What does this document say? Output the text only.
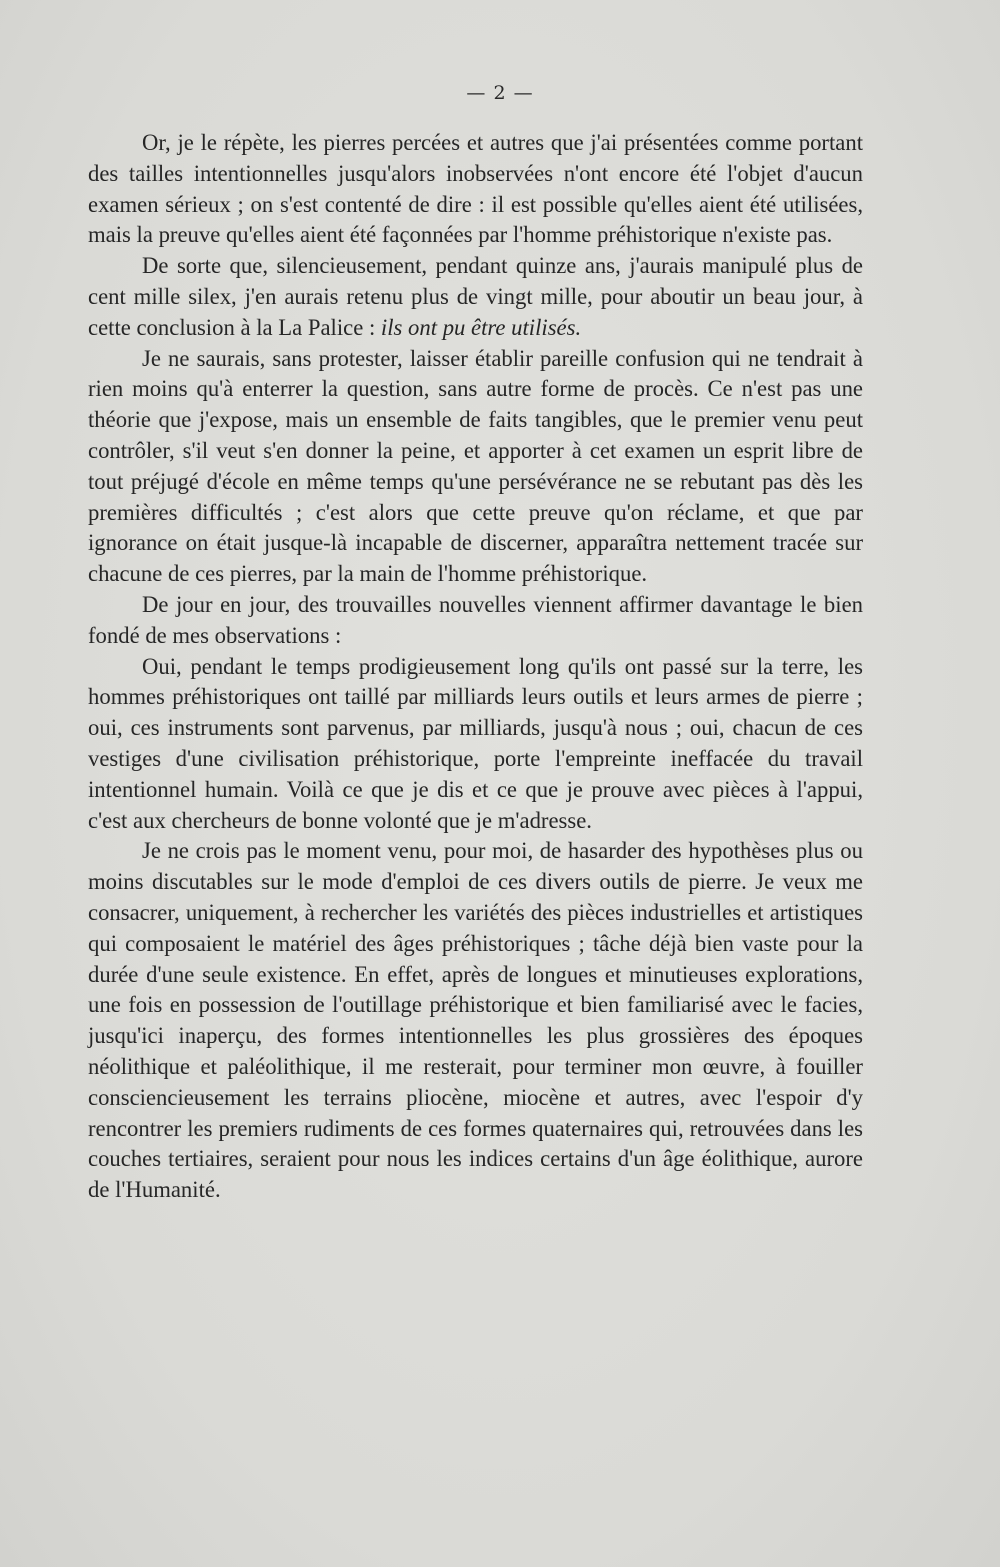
— 2 —

Or, je le répète, les pierres percées et autres que j'ai présentées comme portant des tailles intentionnelles jusqu'alors inobservées n'ont encore été l'objet d'aucun examen sérieux ; on s'est contenté de dire : il est possible qu'elles aient été utilisées, mais la preuve qu'elles aient été façonnées par l'homme préhistorique n'existe pas.

De sorte que, silencieusement, pendant quinze ans, j'aurais manipulé plus de cent mille silex, j'en aurais retenu plus de vingt mille, pour aboutir un beau jour, à cette conclusion à la La Palice : ils ont pu être utilisés.

Je ne saurais, sans protester, laisser établir pareille confusion qui ne tendrait à rien moins qu'à enterrer la question, sans autre forme de procès. Ce n'est pas une théorie que j'expose, mais un ensemble de faits tangibles, que le premier venu peut contrôler, s'il veut s'en donner la peine, et apporter à cet examen un esprit libre de tout préjugé d'école en même temps qu'une persévérance ne se rebutant pas dès les premières difficultés ; c'est alors que cette preuve qu'on réclame, et que par ignorance on était jusque-là incapable de discerner, apparaîtra nettement tracée sur chacune de ces pierres, par la main de l'homme préhistorique.

De jour en jour, des trouvailles nouvelles viennent affirmer davantage le bien fondé de mes observations :

Oui, pendant le temps prodigieusement long qu'ils ont passé sur la terre, les hommes préhistoriques ont taillé par milliards leurs outils et leurs armes de pierre ; oui, ces instruments sont parvenus, par milliards, jusqu'à nous ; oui, chacun de ces vestiges d'une civilisation préhistorique, porte l'empreinte ineffacée du travail intentionnel humain. Voilà ce que je dis et ce que je prouve avec pièces à l'appui, c'est aux chercheurs de bonne volonté que je m'adresse.

Je ne crois pas le moment venu, pour moi, de hasarder des hypothèses plus ou moins discutables sur le mode d'emploi de ces divers outils de pierre. Je veux me consacrer, uniquement, à rechercher les variétés des pièces industrielles et artistiques qui composaient le matériel des âges préhistoriques ; tâche déjà bien vaste pour la durée d'une seule existence. En effet, après de longues et minutieuses explorations, une fois en possession de l'outillage préhistorique et bien familiarisé avec le facies, jusqu'ici inaperçu, des formes intentionnelles les plus grossières des époques néolithique et paléolithique, il me resterait, pour terminer mon œuvre, à fouiller consciencieusement les terrains pliocène, miocène et autres, avec l'espoir d'y rencontrer les premiers rudiments de ces formes quaternaires qui, retrouvées dans les couches tertiaires, seraient pour nous les indices certains d'un âge éolithique, aurore de l'Humanité.
